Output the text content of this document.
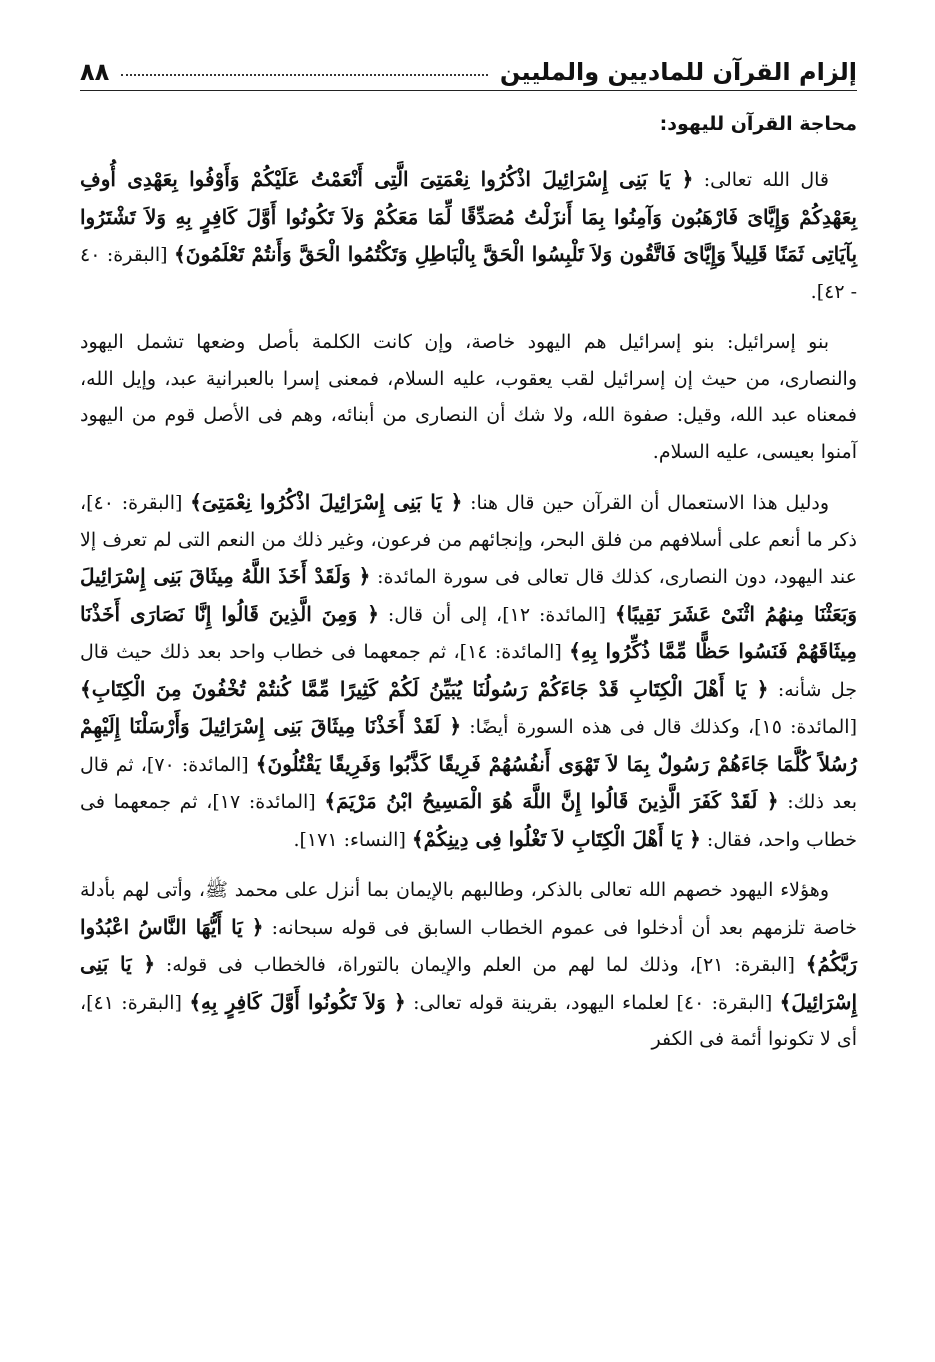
إلزام القرآن للماديين والمليين
٨٨
محاجة القرآن لليهود:

قال الله تعالى: ﴿ يَا بَنِى إِسْرَائِيلَ اذْكُرُوا نِعْمَتِىَ الَّتِى أَنْعَمْتُ عَلَيْكُمْ وَأَوْفُوا بِعَهْدِى أُوفِ بِعَهْدِكُمْ وَإِيَّاىَ فَارْهَبُون وَآمِنُوا بِمَا أَنزَلْتُ مُصَدِّقًا لِّمَا مَعَكُمْ وَلاَ تَكُونُوا أَوَّلَ كَافِرٍ بِهِ وَلاَ تَشْتَرُوا بِآيَاتِى ثَمَنًا قَلِيلاً وَإِيَّاىَ فَاتَّقُون وَلاَ تَلْبِسُوا الْحَقَّ بِالْبَاطِلِ وَتَكْتُمُوا الْحَقَّ وَأَنتُمْ تَعْلَمُونَ﴾ [البقرة: ٤٠ - ٤٢].

بنو إسرائيل: بنو إسرائيل هم اليهود خاصة، وإن كانت الكلمة بأصل وضعها تشمل اليهود والنصارى، من حيث إن إسرائيل لقب يعقوب، عليه السلام، فمعنى إسرا بالعبرانية عبد، وإيل الله، فمعناه عبد الله، وقيل: صفوة الله، ولا شك أن النصارى من أبنائه، وهم فى الأصل قوم من اليهود آمنوا بعيسى، عليه السلام.

ودليل هذا الاستعمال أن القرآن حين قال هنا: ﴿ يَا بَنِى إِسْرَائِيلَ اذْكُرُوا نِعْمَتِىَ﴾ [البقرة: ٤٠]، ذكر ما أنعم على أسلافهم من فلق البحر، وإنجائهم من فرعون، وغير ذلك من النعم التى لم تعرف إلا عند اليهود، دون النصارى، كذلك قال تعالى فى سورة المائدة: ﴿ وَلَقَدْ أَخَذَ اللَّهُ مِيثَاقَ بَنِى إِسْرَائِيلَ وَبَعَثْنَا مِنهُمُ اثْنَىْ عَشَرَ نَقِيبًا﴾ [المائدة: ١٢]، إلى أن قال: ﴿ وَمِنَ الَّذِينَ قَالُوا إِنَّا نَصَارَى أَخَذْنَا مِيثَاقَهُمْ فَنَسُوا حَظًّا مِّمَّا ذُكِّرُوا بِهِ﴾ [المائدة: ١٤]، ثم جمعهما فى خطاب واحد بعد ذلك حيث قال جل شأنه: ﴿ يَا أَهْلَ الْكِتَابِ قَدْ جَاءَكُمْ رَسُولُنَا يُبَيِّنُ لَكُمْ كَثِيرًا مِّمَّا كُنتُمْ تُخْفُونَ مِنَ الْكِتَابِ﴾ [المائدة: ١٥]، وكذلك قال فى هذه السورة أيضًا: ﴿ لَقَدْ أَخَذْنَا مِيثَاقَ بَنِى إِسْرَائِيلَ وَأَرْسَلْنَا إِلَيْهِمْ رُسُلاً كُلَّمَا جَاءَهُمْ رَسُولٌ بِمَا لاَ تَهْوَى أَنفُسُهُمْ فَرِيقًا كَذَّبُوا وَفَرِيقًا يَقْتُلُونَ﴾ [المائدة: ٧٠]، ثم قال بعد ذلك: ﴿ لَقَدْ كَفَرَ الَّذِينَ قَالُوا إِنَّ اللَّهَ هُوَ الْمَسِيحُ ابْنُ مَرْيَمَ﴾ [المائدة: ١٧]، ثم جمعهما فى خطاب واحد، فقال: ﴿ يَا أَهْلَ الْكِتَابِ لاَ تَغْلُوا فِى دِينِكُمْ﴾ [النساء: ١٧١].

وهؤلاء اليهود خصهم الله تعالى بالذكر، وطالبهم بالإيمان بما أنزل على محمد ﷺ، وأتى لهم بأدلة خاصة تلزمهم بعد أن أدخلوا فى عموم الخطاب السابق فى قوله سبحانه: ﴿ يَا أَيُّهَا النَّاسُ اعْبُدُوا رَبَّكُمُ﴾ [البقرة: ٢١]، وذلك لما لهم من العلم والإيمان بالتوراة، فالخطاب فى قوله: ﴿ يَا بَنِى إِسْرَائِيلَ﴾ [البقرة: ٤٠] لعلماء اليهود، بقرينة قوله تعالى: ﴿ وَلاَ تَكُونُوا أَوَّلَ كَافِرٍ بِهِ﴾ [البقرة: ٤١]، أى لا تكونوا أئمة فى الكفر
